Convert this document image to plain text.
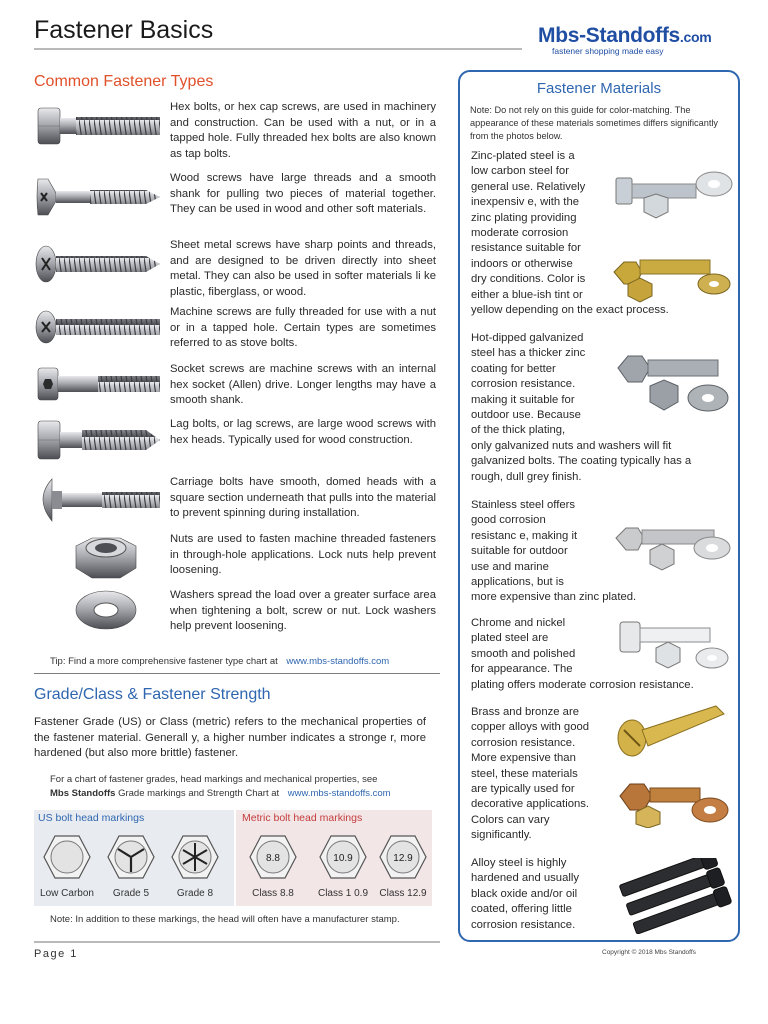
Fastener Basics	Mbs-Standoffs.com
fastener shopping made easy
Common Fastener Types
Hex bolts, or hex cap screws, are used in machinery and construction. Can be used with a nut, or in a tapped hole. Fully threaded hex bolts are also known as tap bolts.
Wood screws have large threads and a smooth shank for pulling two pieces of material together. They can be used in wood and other soft materials.
Sheet metal screws have sharp points and threads, and are designed to be driven directly into sheet metal. They can also be used in softer materials li ke plastic, fiberglass, or wood.
Machine screws are fully threaded for use with a nut or in a tapped hole. Certain types are sometimes referred to as stove bolts.
Socket screws are machine screws with an internal hex socket (Allen) drive. Longer lengths may have a smooth shank.
Lag bolts, or lag screws, are large wood screws with hex heads. Typically used for wood construction.
Carriage bolts have smooth, domed heads with a square section underneath that pulls into the material to prevent spinning during installation.
Nuts are used to fasten machine threaded fasteners in through-hole applications. Lock nuts help prevent loosening.
Washers spread the load over a greater surface area when tightening a bolt, screw or nut. Lock washers help prevent loosening.
Tip: Find a more comprehensive fastener type chart at www.mbs-standoffs.com
Grade/Class & Fastener Strength
Fastener Grade (US) or Class (metric) refers to the mechanical properties of the fastener material. Generall y, a higher number indicates a stronge r, more hardened (but also more brittle) fastener.
For a chart of fastener grades, head markings and mechanical properties, see
Mbs Standoffs Grade markings and Strength Chart at www.mbs-standoffs.com
US bolt head markings	Metric bolt head markings
Low Carbon	Grade 5	Grade 8
8.8	10.9	12.9
Class 8.8	Class 1 0.9	Class 12.9
Note: In addition to these markings, the head will often have a manufacturer stamp.
Page 1	Copyright © 2018 Mbs Standoffs
Fastener Materials
Note: Do not rely on this guide for color-matching. The appearance of these materials sometimes differs significantly from the photos below.
Zinc-plated steel is a
low carbon steel for
general use. Relatively
inexpensiv e, with the
zinc plating providing
moderate corrosion
resistance suitable for
indoors or otherwise
dry conditions. Color is
either a blue-ish tint or
yellow depending on the exact process.
Hot-dipped galvanized
steel has a thicker zinc
coating for better
corrosion resistance.
making it suitable for
outdoor use. Because
of the thick plating,
only galvanized nuts and washers will fit
galvanized bolts. The coating typically has a
rough, dull grey finish.
Stainless steel offers
good corrosion
resistanc e, making it
suitable for outdoor
use and marine
applications, but is
more expensive than zinc plated.
Chrome and nickel
plated steel are
smooth and polished
for appearance. The
plating offers moderate corrosion resistance.
Brass and bronze are
copper alloys with good
corrosion resistance.
More expensive than
steel, these materials
are typically used for
decorative applications.
Colors can vary
significantly.
Alloy steel is highly
hardened and usually
black oxide and/or oil
coated, offering little
corrosion resistance.
